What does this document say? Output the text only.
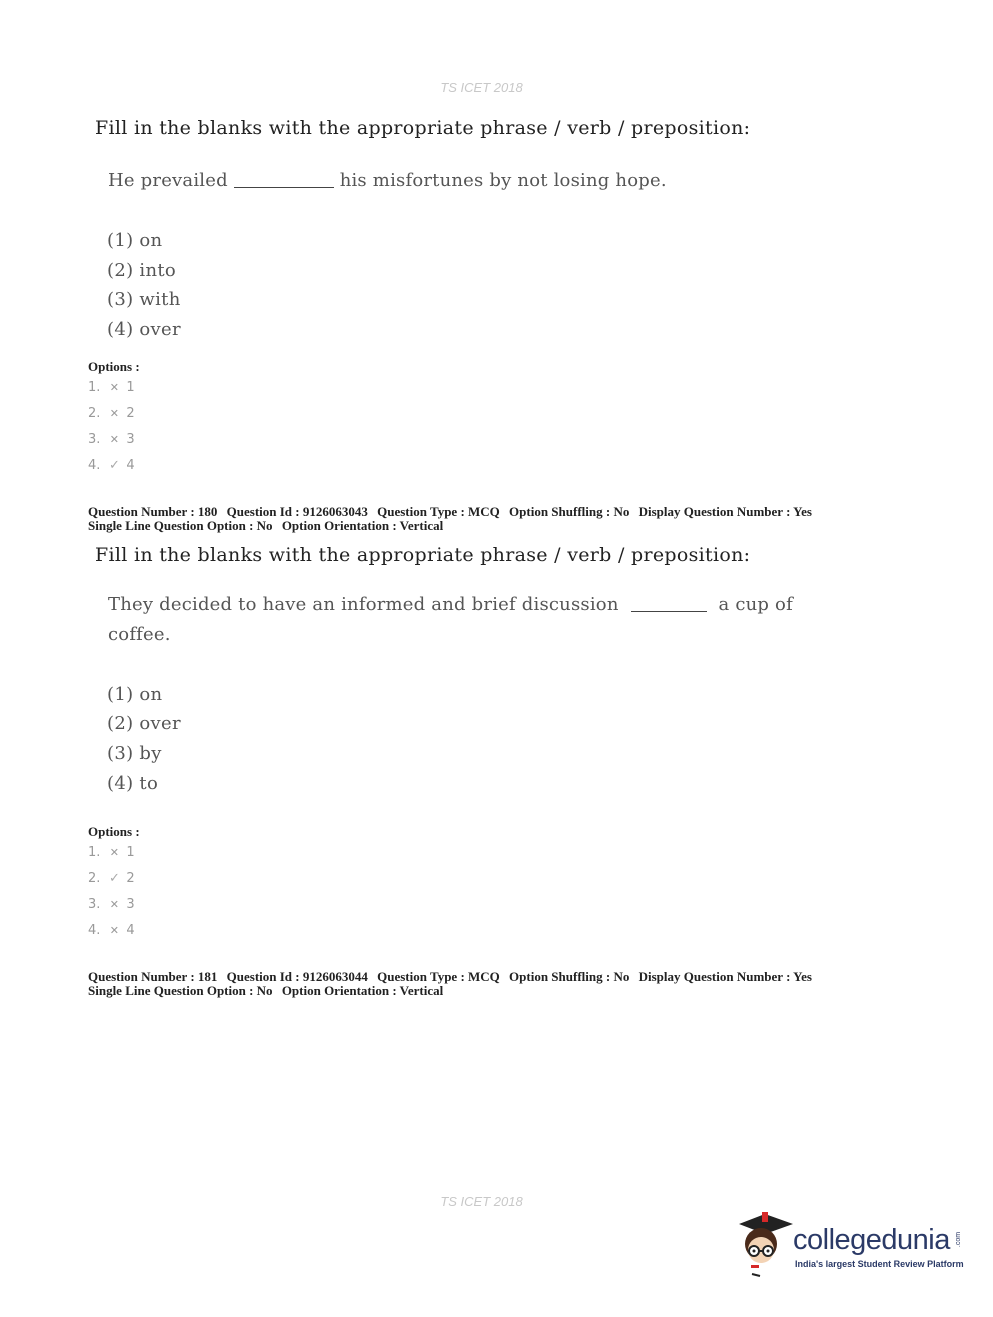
TS ICET 2018
Fill in the blanks with the appropriate phrase / verb / preposition:
He prevailed	his misfortunes by not losing hope.
(1) on
(2) into
(3) with
(4) over
Options :
1. ✕ 1
2. ✕ 2
3. ✕ 3
4. ✓ 4
Question Number : 180 Question Id : 9126063043 Question Type : MCQ Option Shuffling : No Display Question Number : Yes
Single Line Question Option : No Option Orientation : Vertical
Fill in the blanks with the appropriate phrase / verb / preposition:
They decided to have an informed and brief discussion	a cup of
coffee.
(1) on
(2) over
(3) by
(4) to
Options :
1. ✕ 1
2. ✓ 2
3. ✕ 3
4. ✕ 4
Question Number : 181 Question Id : 9126063044 Question Type : MCQ Option Shuffling : No Display Question Number : Yes
Single Line Question Option : No Option Orientation : Vertical
TS ICET 2018
collegedunia .com
India's largest Student Review Platform
